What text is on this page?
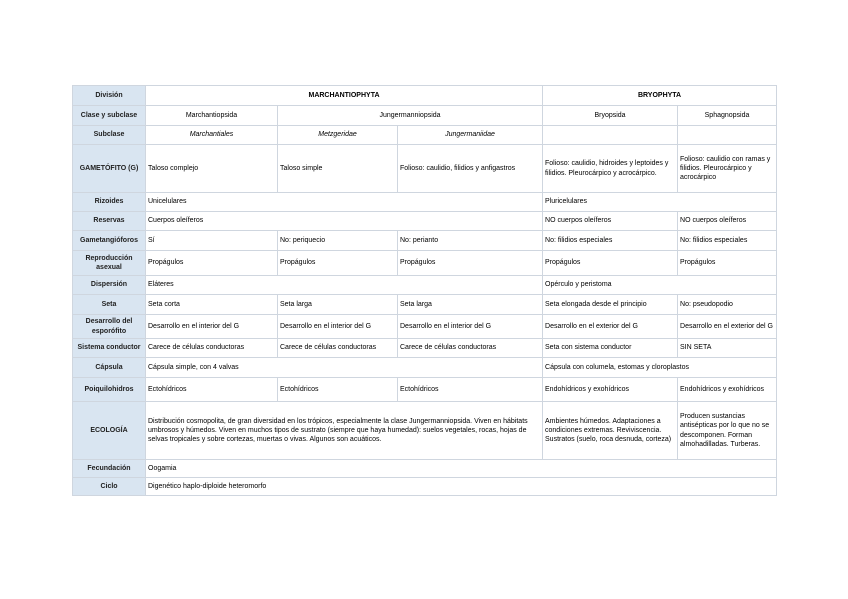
División	MARCHANTIOPHYTA			BRYOPHYTA	
Clase y subclase	Marchantiopsida	Jungermanniopsida		Bryopsida	Sphagnopsida
Subclase	Marchantiales	Metzgeridae	Jungermaniidae		
GAMETÓFITO (G)	Taloso complejo	Taloso simple	Folioso: caulidio, filidios y anfigastros	Folioso: caulidio, hidroides y leptoides y filidios. Pleurocárpico y acrocárpico.	Folioso: caulidio con ramas y filidios. Pleurocárpico y acrocárpico
Rizoides	Unicelulares			Pluricelulares	
Reservas	Cuerpos oleíferos			NO cuerpos oleíferos	NO cuerpos oleíferos
Gametangióforos	Sí	No: periquecio	No: perianto	No: filidios especiales	No: filidios especiales
Reproducción asexual	Propágulos	Propágulos	Propágulos	Propágulos	Propágulos
Dispersión	Eláteres			Opérculo y peristoma	
Seta	Seta corta	Seta larga	Seta larga	Seta elongada desde el principio	No: pseudopodio
Desarrollo del esporófito	Desarrollo en el interior del G	Desarrollo en el interior del G	Desarrollo en el interior del G	Desarrollo en el exterior del G	Desarrollo en el exterior del G
Sistema conductor	Carece de células conductoras	Carece de células conductoras	Carece de células conductoras	Seta con sistema conductor	SIN SETA
Cápsula	Cápsula simple, con 4 valvas			Cápsula con columela, estomas y cloroplastos	
Poiquilohidros	Ectohídricos	Ectohídricos	Ectohídricos	Endohídricos y exohídricos	Endohídricos y exohídricos
ECOLOGÍA	Distribución cosmopolita, de gran diversidad en los trópicos, especialmente la clase Jungermanniopsida. Viven en hábitats umbrosos y húmedos. Viven en muchos tipos de sustrato (siempre que haya humedad): suelos vegetales, rocas, hojas de selvas tropicales y sobre cortezas, muertas o vivas. Algunos son acuáticos.			Ambientes húmedos. Adaptaciones a condiciones extremas. Reviviscencia. Sustratos (suelo, roca desnuda, corteza)	Producen sustancias antisépticas por lo que no se descomponen. Forman almohadilladas. Turberas.
Fecundación	Oogamia				
Ciclo	Digenético haplo-diploide heteromorfo				
